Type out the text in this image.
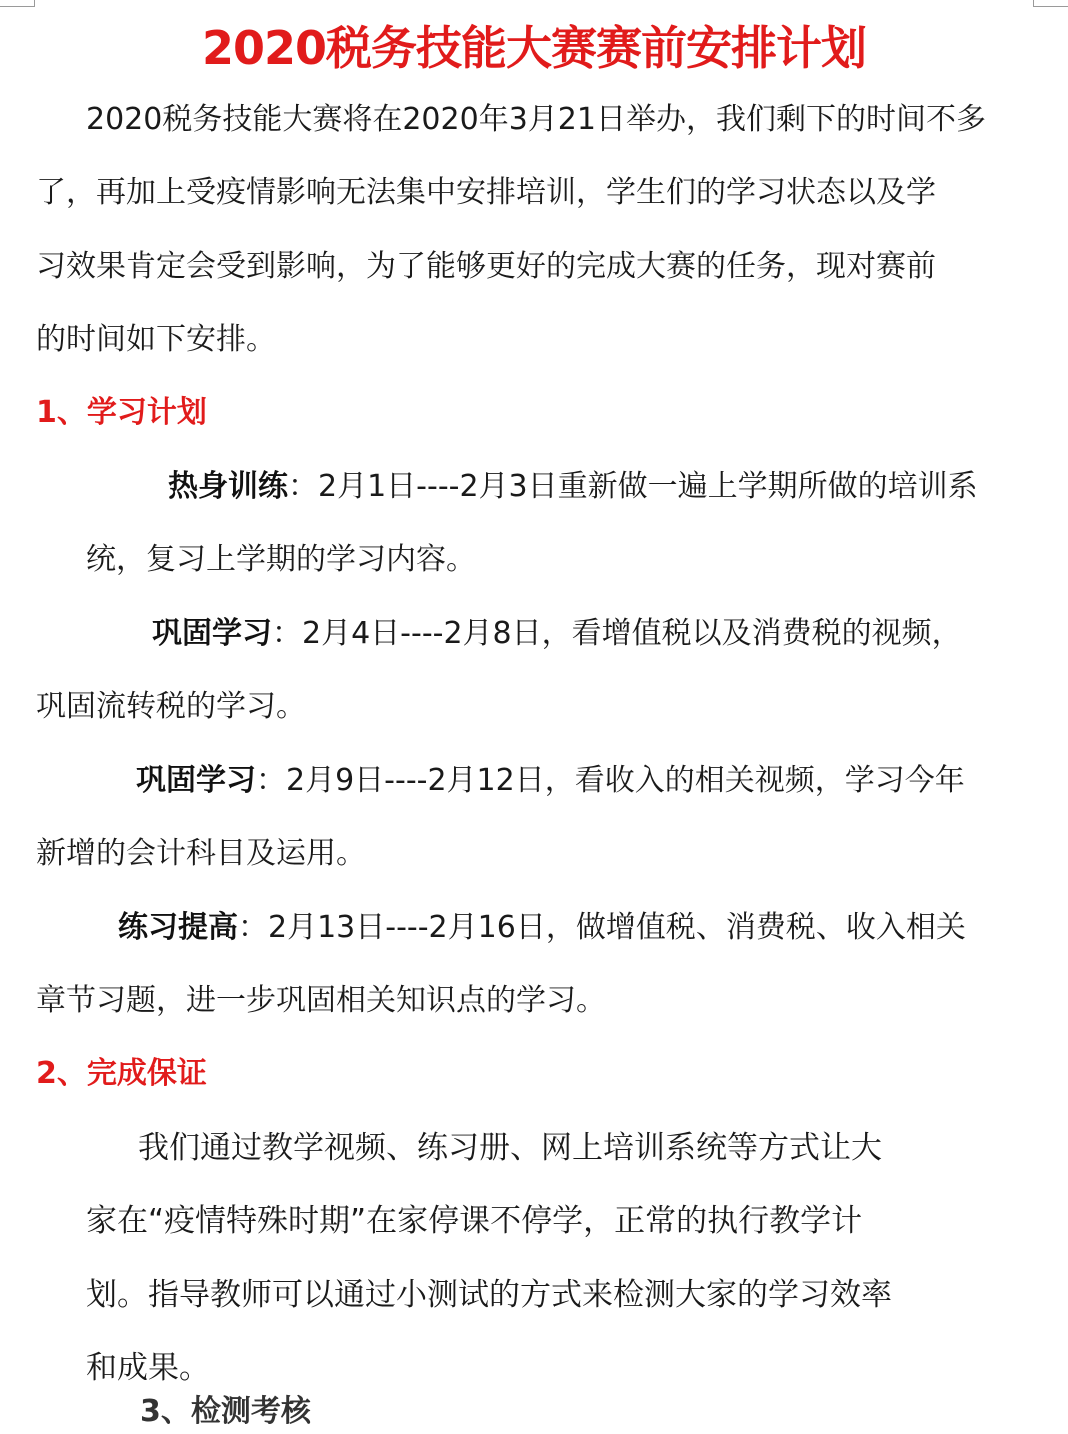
2020税务技能大赛赛前安排计划

2020税务技能大赛将在2020年3月21日举办，我们剩下的时间不多

了，再加上受疫情影响无法集中安排培训，学生们的学习状态以及学

习效果肯定会受到影响，为了能够更好的完成大赛的任务，现对赛前

的时间如下安排。

1、学习计划

热身训练：2月1日----2月3日重新做一遍上学期所做的培训系

统，复习上学期的学习内容。

巩固学习：2月4日----2月8日，看增值税以及消费税的视频，

巩固流转税的学习。

巩固学习：2月9日----2月12日，看收入的相关视频，学习今年

新增的会计科目及运用。

练习提高：2月13日----2月16日，做增值税、消费税、收入相关

章节习题，进一步巩固相关知识点的学习。

2、完成保证

我们通过教学视频、练习册、网上培训系统等方式让大

家在“疫情特殊时期”在家停课不停学，正常的执行教学计

划。指导教师可以通过小测试的方式来检测大家的学习效率

和成果。

3、检测考核
